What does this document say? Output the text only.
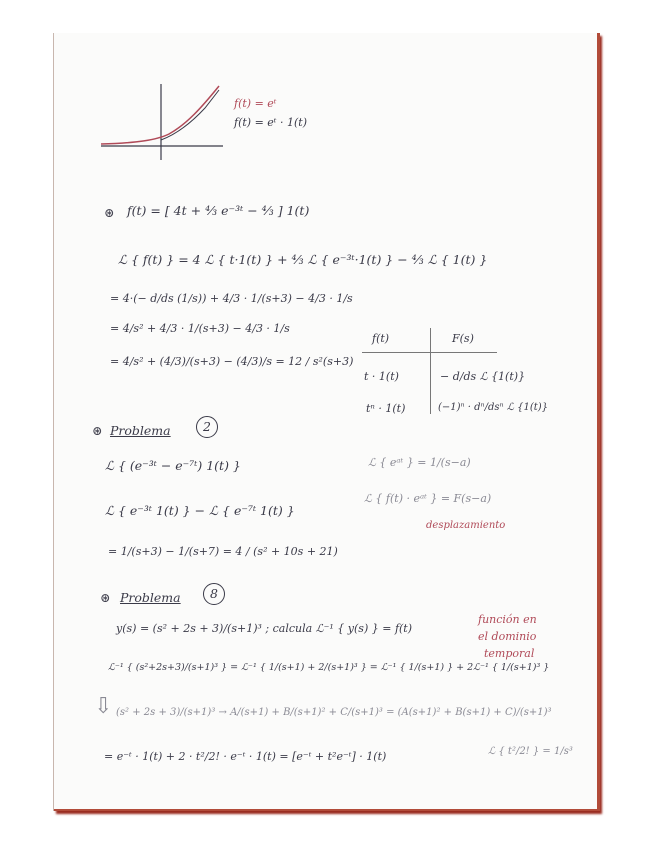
f(t) = eᵗ
f(t) = eᵗ · 1(t)
⊛ f(t) = [ 4t + ⁴⁄₃ e⁻³ᵗ − ⁴⁄₃ ] 1(t)
ℒ { f(t) } = 4 ℒ { t·1(t) } + ⁴⁄₃ ℒ { e⁻³ᵗ·1(t) } − ⁴⁄₃ ℒ { 1(t) }
= 4·(− d/ds (1/s)) + 4/3 · 1/(s+3) − 4/3 · 1/s
= 4/s² + 4/3 · 1/(s+3) − 4/3 · 1/s
= 4/s² + (4/3)/(s+3) − (4/3)/s = 12 / s²(s+3)
f(t)	F(s)
t · 1(t)	− d/ds ℒ {1(t)}
tⁿ · 1(t)	(−1)ⁿ · dⁿ/dsⁿ ℒ {1(t)}
⊛ Problema	2
ℒ { (e⁻³ᵗ − e⁻⁷ᵗ) 1(t) }
ℒ { e⁻³ᵗ 1(t) } − ℒ { e⁻⁷ᵗ 1(t) }
= 1/(s+3) − 1/(s+7) = 4 / (s² + 10s + 21)
ℒ { eᵃᵗ } = 1/(s−a)
ℒ { f(t) · eᵃᵗ } = F(s−a)
desplazamiento
⊛ Problema	8
y(s) = (s² + 2s + 3)/(s+1)³ ; calcula ℒ⁻¹ { y(s) } = f(t)
función en
el dominio
temporal
ℒ⁻¹ { (s²+2s+3)/(s+1)³ } = ℒ⁻¹ { 1/(s+1) + 2/(s+1)³ } = ℒ⁻¹ { 1/(s+1) } + 2ℒ⁻¹ { 1/(s+1)³ }
⇩ (s² + 2s + 3)/(s+1)³ → A/(s+1) + B/(s+1)² + C/(s+1)³ = (A(s+1)² + B(s+1) + C)/(s+1)³
= e⁻ᵗ · 1(t) + 2 · t²/2! · e⁻ᵗ · 1(t) = [e⁻ᵗ + t²e⁻ᵗ] · 1(t)	ℒ { t²/2! } = 1/s³
